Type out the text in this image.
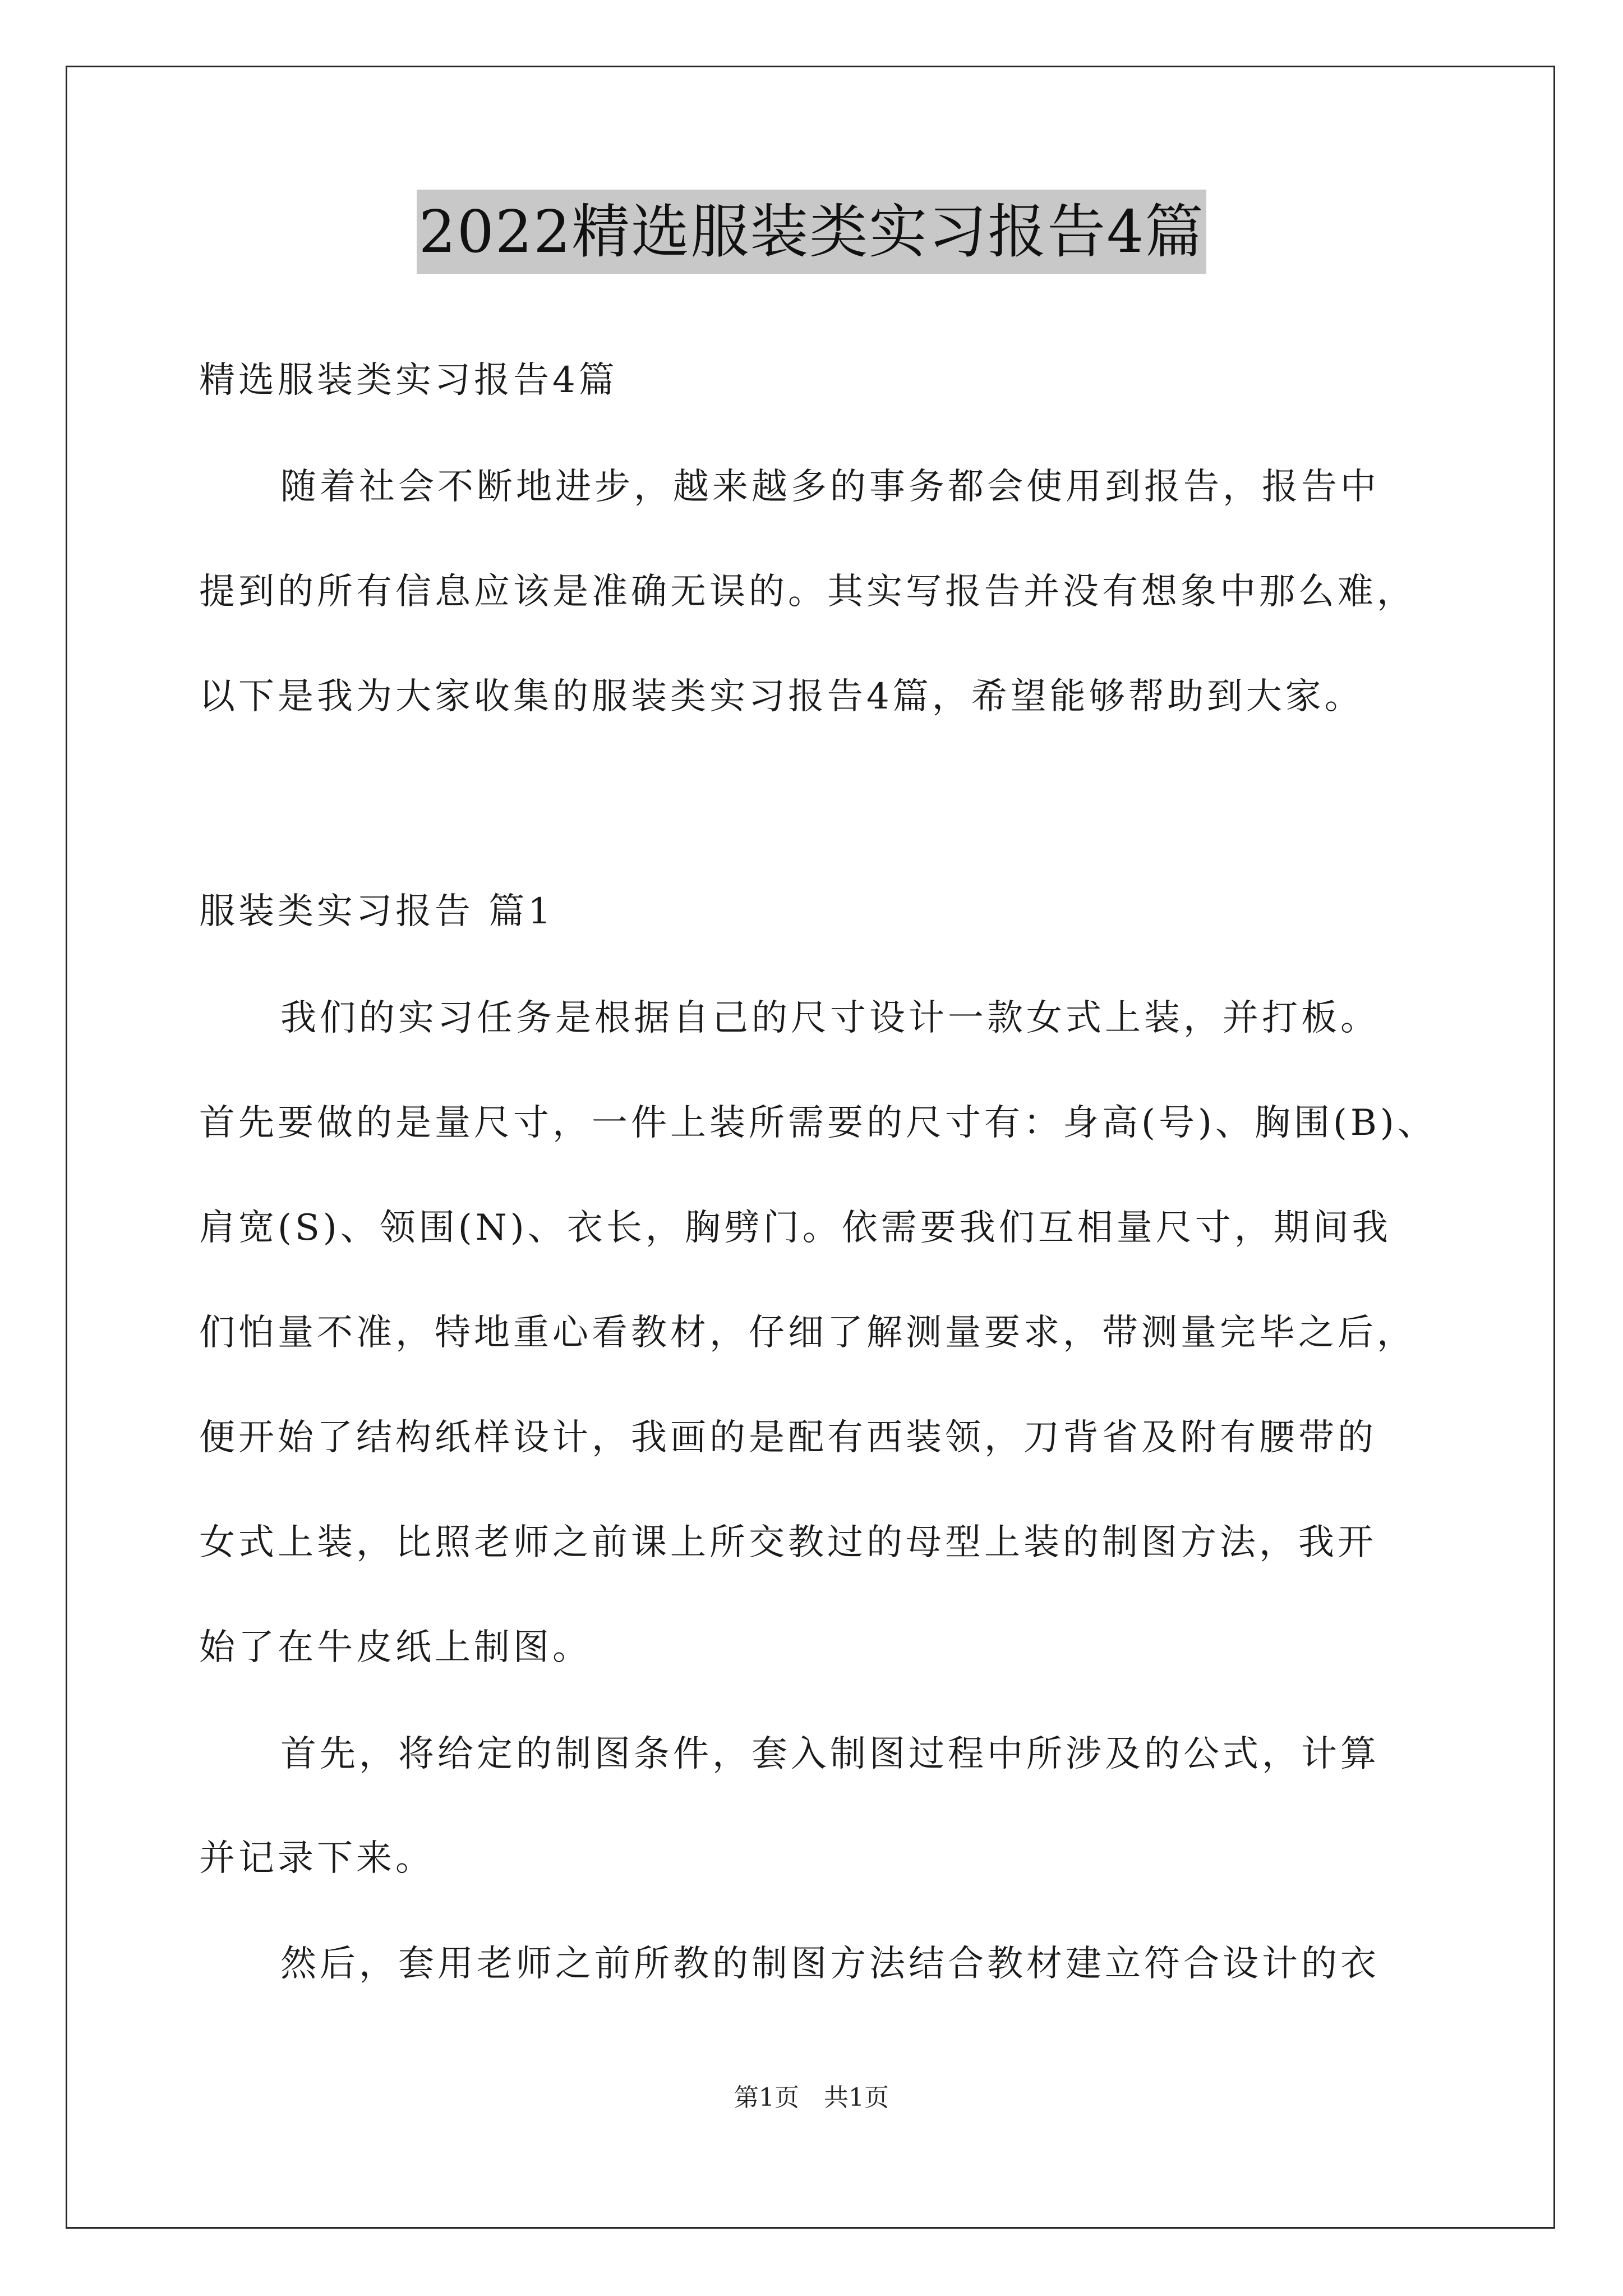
2022精选服装类实习报告4篇
精选服装类实习报告4篇
随着社会不断地进步，越来越多的事务都会使用到报告，报告中
提到的所有信息应该是准确无误的。其实写报告并没有想象中那么难，
以下是我为大家收集的服装类实习报告4篇，希望能够帮助到大家。
服装类实习报告 篇1
我们的实习任务是根据自己的尺寸设计一款女式上装，并打板。
首先要做的是量尺寸，一件上装所需要的尺寸有：身高(号)、胸围(B)、
肩宽(S)、领围(N)、衣长，胸劈门。依需要我们互相量尺寸，期间我
们怕量不准，特地重心看教材，仔细了解测量要求，带测量完毕之后，
便开始了结构纸样设计，我画的是配有西装领，刀背省及附有腰带的
女式上装，比照老师之前课上所交教过的母型上装的制图方法，我开
始了在牛皮纸上制图。
首先，将给定的制图条件，套入制图过程中所涉及的公式，计算
并记录下来。
然后，套用老师之前所教的制图方法结合教材建立符合设计的衣
第1页　共1页
